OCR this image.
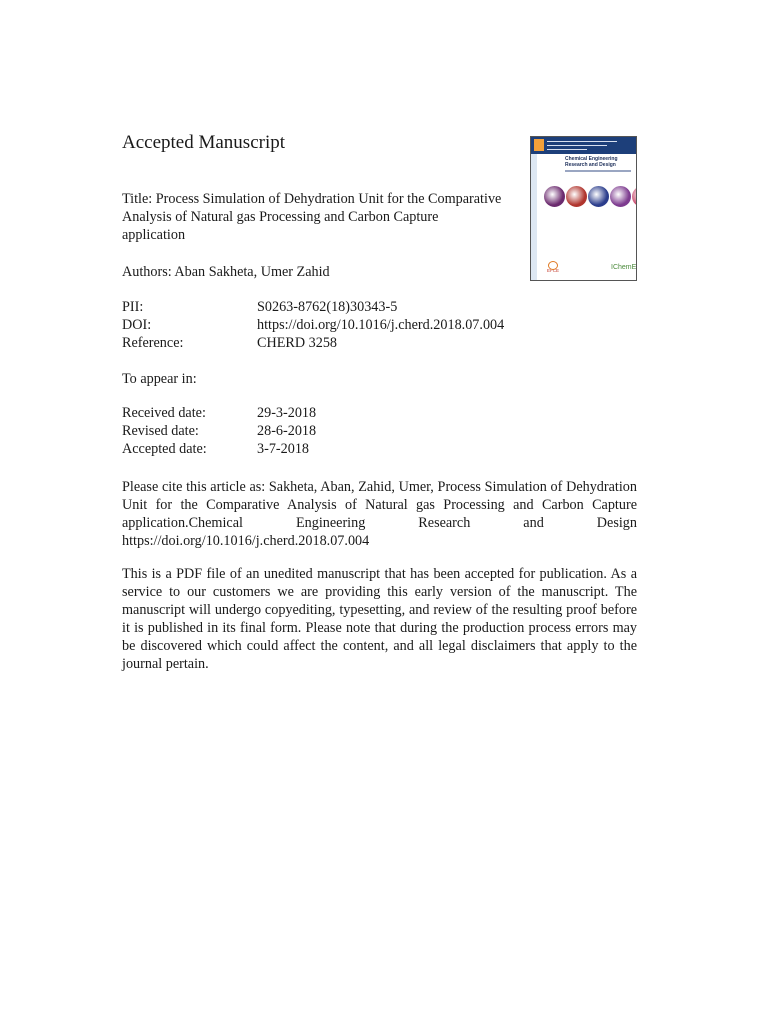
Accepted Manuscript
Chemical Engineering Research and Design
EFCE	IChemE
Title: Process Simulation of Dehydration Unit for the Comparative Analysis of Natural gas Processing and Carbon Capture application
Authors: Aban Sakheta, Umer Zahid
PII:	S0263-8762(18)30343-5
DOI:	https://doi.org/10.1016/j.cherd.2018.07.004
Reference:	CHERD 3258
To appear in:
Received date:	29-3-2018
Revised date:	28-6-2018
Accepted date:	3-7-2018
Please cite this article as: Sakheta, Aban, Zahid, Umer, Process Simulation of Dehydration Unit for the Comparative Analysis of Natural gas Processing and Carbon Capture application.Chemical Engineering Research and Design https://doi.org/10.1016/j.cherd.2018.07.004
This is a PDF file of an unedited manuscript that has been accepted for publication. As a service to our customers we are providing this early version of the manuscript. The manuscript will undergo copyediting, typesetting, and review of the resulting proof before it is published in its final form. Please note that during the production process errors may be discovered which could affect the content, and all legal disclaimers that apply to the journal pertain.
